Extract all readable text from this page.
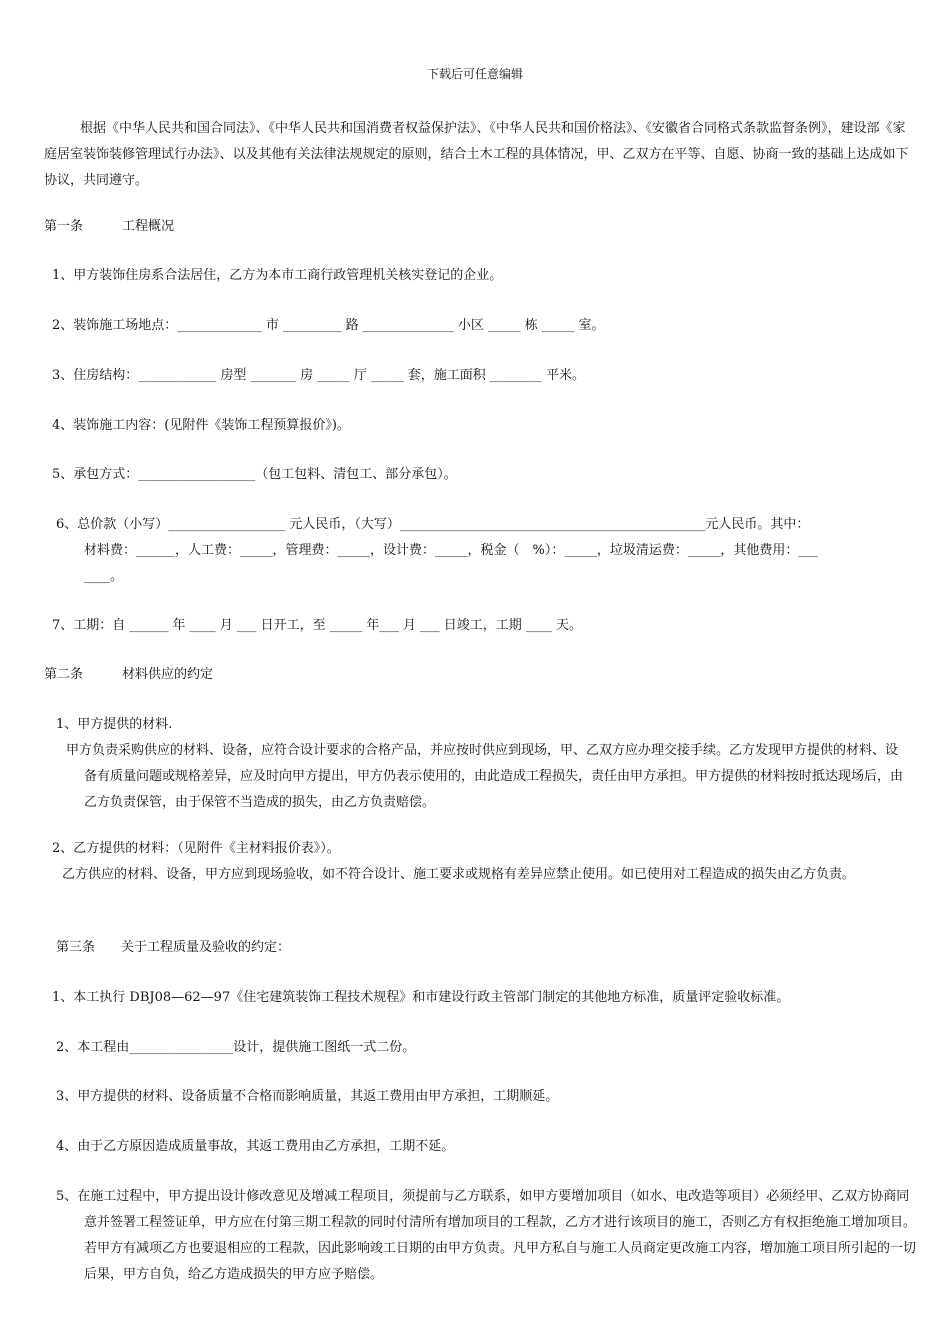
下载后可任意编辑
根据《中华人民共和国合同法》、《中华人民共和国消费者权益保护法》、《中华人民共和国价格法》、《安徽省合同格式条款监督条例》，建设部《家庭居室装饰装修管理试行办法》、以及其他有关法律法规规定的原则，结合土木工程的具体情况，甲、乙双方在平等、自愿、协商一致的基础上达成如下协议，共同遵守。
第一条　　　工程概况
1、甲方装饰住房系合法居住，乙方为本市工商行政管理机关核实登记的企业。
2、装饰施工场地点：_____________ 市 _________ 路 ______________ 小区 _____ 栋 _____ 室。
3、住房结构：____________ 房型 _______ 房 _____ 厅 _____ 套，施工面积 ________ 平米。
4、装饰施工内容：(见附件《装饰工程预算报价》)。
5、承包方式：__________________（包工包料、清包工、部分承包）。
6、总价款（小写）__________________ 元人民币，（大写）_______________________________________________元人民币。其中：
材料费：______，人工费：_____，管理费：_____，设计费：_____，税金（　%）：_____，垃圾清运费：_____，其他费用：___
____。
7、工期：自 ______ 年 ____ 月 ___ 日开工，至 _____ 年___ 月 ___ 日竣工，工期 ____ 天。
第二条　　　材料供应的约定
1、甲方提供的材料.
甲方负责采购供应的材料、设备，应符合设计要求的合格产品，并应按时供应到现场，甲、乙双方应办理交接手续。乙方发现甲方提供的材料、设备有质量问题或规格差异，应及时向甲方提出，甲方仍表示使用的，由此造成工程损失，责任由甲方承担。甲方提供的材料按时抵达现场后，由乙方负责保管，由于保管不当造成的损失，由乙方负责赔偿。
2、乙方提供的材料：（见附件《主材料报价表》）。
乙方供应的材料、设备，甲方应到现场验收，如不符合设计、施工要求或规格有差异应禁止使用。如已使用对工程造成的损失由乙方负责。
第三条　　关于工程质量及验收的约定：
1、本工执行 DBJ08—62—97《住宅建筑装饰工程技术规程》和市建设行政主管部门制定的其他地方标准，质量评定验收标准。
2、本工程由________________设计，提供施工图纸一式二份。
3、甲方提供的材料、设备质量不合格而影响质量，其返工费用由甲方承担，工期顺延。
4、由于乙方原因造成质量事故，其返工费用由乙方承担，工期不延。
5、在施工过程中，甲方提出设计修改意见及增减工程项目，须提前与乙方联系，如甲方要增加项目（如水、电改造等项目）必须经甲、乙双方协商同意并签署工程签证单，甲方应在付第三期工程款的同时付清所有增加项目的工程款，乙方才进行该项目的施工，否则乙方有权拒绝施工增加项目。若甲方有减项乙方也要退相应的工程款，因此影响竣工日期的由甲方负责。凡甲方私自与施工人员商定更改施工内容，增加施工项目所引起的一切后果，甲方自负，给乙方造成损失的甲方应予赔偿。
